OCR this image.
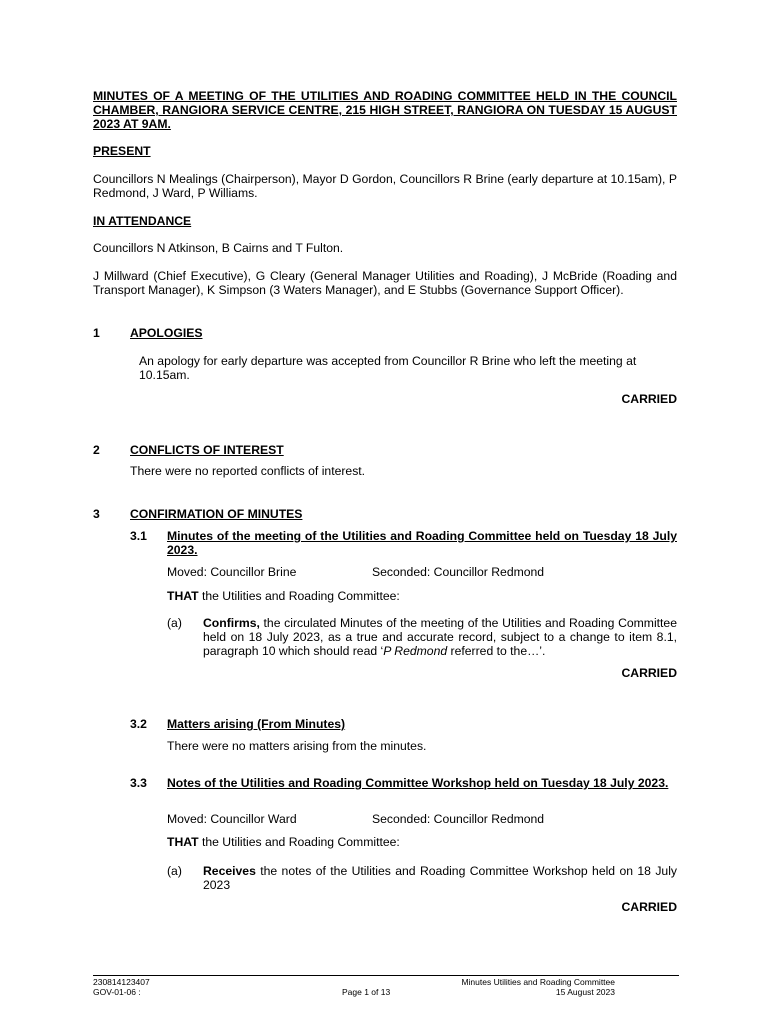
MINUTES OF A MEETING OF THE UTILITIES AND ROADING COMMITTEE HELD IN THE COUNCIL CHAMBER, RANGIORA SERVICE CENTRE, 215 HIGH STREET, RANGIORA ON TUESDAY 15 AUGUST 2023 AT 9AM.
PRESENT
Councillors N Mealings (Chairperson), Mayor D Gordon, Councillors R Brine (early departure at 10.15am), P Redmond, J Ward, P Williams.
IN ATTENDANCE
Councillors N Atkinson, B Cairns and T Fulton.
J Millward (Chief Executive), G Cleary (General Manager Utilities and Roading), J McBride (Roading and Transport Manager), K Simpson (3 Waters Manager), and E Stubbs (Governance Support Officer).
1 APOLOGIES
An apology for early departure was accepted from Councillor R Brine who left the meeting at 10.15am.
CARRIED
2 CONFLICTS OF INTEREST
There were no reported conflicts of interest.
3 CONFIRMATION OF MINUTES
3.1 Minutes of the meeting of the Utilities and Roading Committee held on Tuesday 18 July 2023.
Moved: Councillor Brine	Seconded: Councillor Redmond
THAT the Utilities and Roading Committee:
(a) Confirms, the circulated Minutes of the meeting of the Utilities and Roading Committee held on 18 July 2023, as a true and accurate record, subject to a change to item 8.1, paragraph 10 which should read ‘P Redmond referred to the…’.
CARRIED
3.2 Matters arising (From Minutes)
There were no matters arising from the minutes.
3.3 Notes of the Utilities and Roading Committee Workshop held on Tuesday 18 July 2023.
Moved: Councillor Ward	Seconded: Councillor Redmond
THAT the Utilities and Roading Committee:
(a) Receives the notes of the Utilities and Roading Committee Workshop held on 18 July 2023
CARRIED
230814123407
GOV-01-06 :	Page 1 of 13
Minutes Utilities and Roading Committee
15 August 2023
